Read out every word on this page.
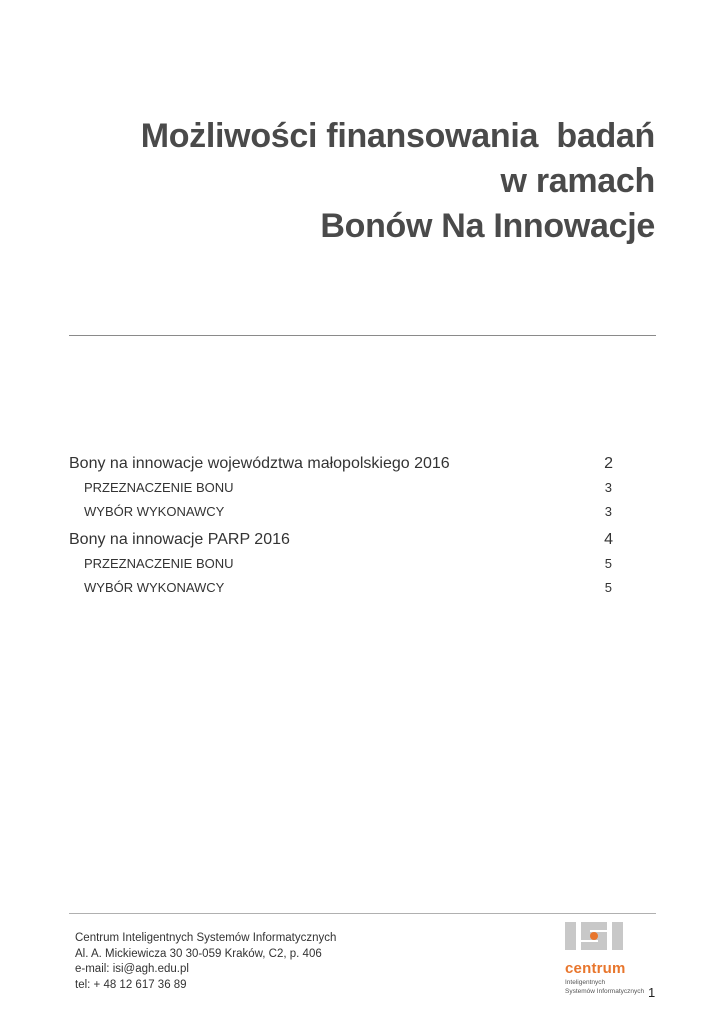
Możliwości finansowania  badań
w ramach
Bonów Na Innowacje
Bony na innowacje województwa małopolskiego 2016	2
PRZEZNACZENIE BONU	3
WYBÓR WYKONAWCY	3
Bony na innowacje PARP 2016	4
PRZEZNACZENIE BONU	5
WYBÓR WYKONAWCY	5
Centrum Inteligentnych Systemów Informatycznych
Al. A. Mickiewicza 30 30-059 Kraków, C2, p. 406
e-mail: isi@agh.edu.pl
tel: + 48 12 617 36 89
centrum
Inteligentnych
Systemów Informatycznych 1
